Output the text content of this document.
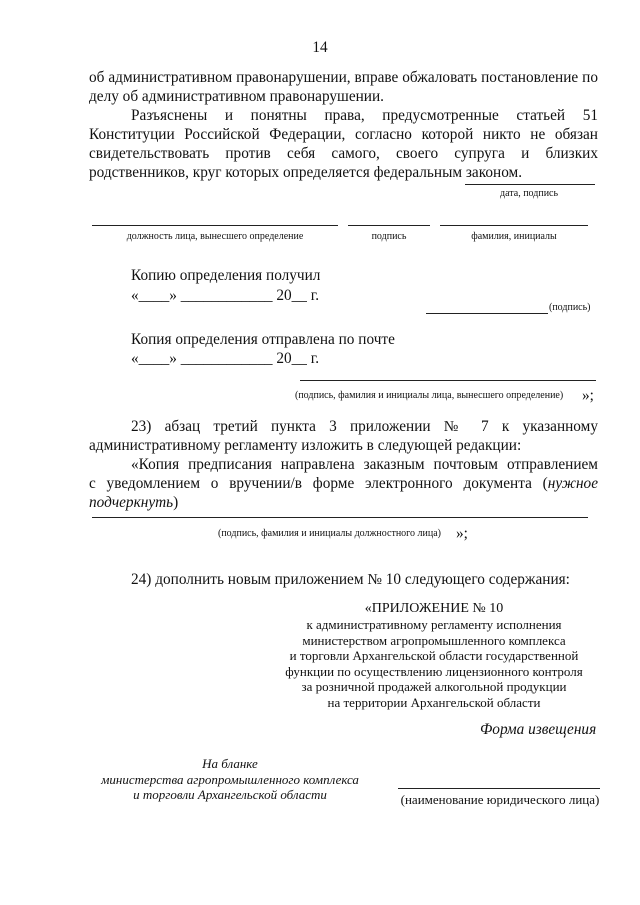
14
об административном правонарушении, вправе обжаловать постановление по
делу об административном правонарушении.
Разъяснены и понятны права, предусмотренные статьей 51
Конституции Российской Федерации, согласно которой никто не обязан
свидетельствовать против себя самого, своего супруга и близких
родственников, круг которых определяется федеральным законом.
дата, подпись
должность лица, вынесшего определение	подпись	фамилия, инициалы
Копию определения получил
«____» ____________ 20__ г.
(подпись)
Копия определения отправлена по почте
«____» ____________ 20__ г.
(подпись, фамилия и инициалы лица, вынесшего определение) »;
23) абзац третий пункта 3 приложении № 7 к указанному
административному регламенту изложить в следующей редакции:
«Копия предписания направлена заказным почтовым отправлением
с уведомлением о вручении/в форме электронного документа (нужное
подчеркнуть)
(подпись, фамилия и инициалы должностного лица) »;
24) дополнить новым приложением № 10 следующего содержания:
«ПРИЛОЖЕНИЕ № 10
к административному регламенту исполнения
министерством агропромышленного комплекса
и торговли Архангельской области государственной
функции по осуществлению лицензионного контроля
за розничной продажей алкогольной продукции
на территории Архангельской области
Форма извещения
На бланке
министерства агропромышленного комплекса
и торговли Архангельской области	(наименование юридического лица)
